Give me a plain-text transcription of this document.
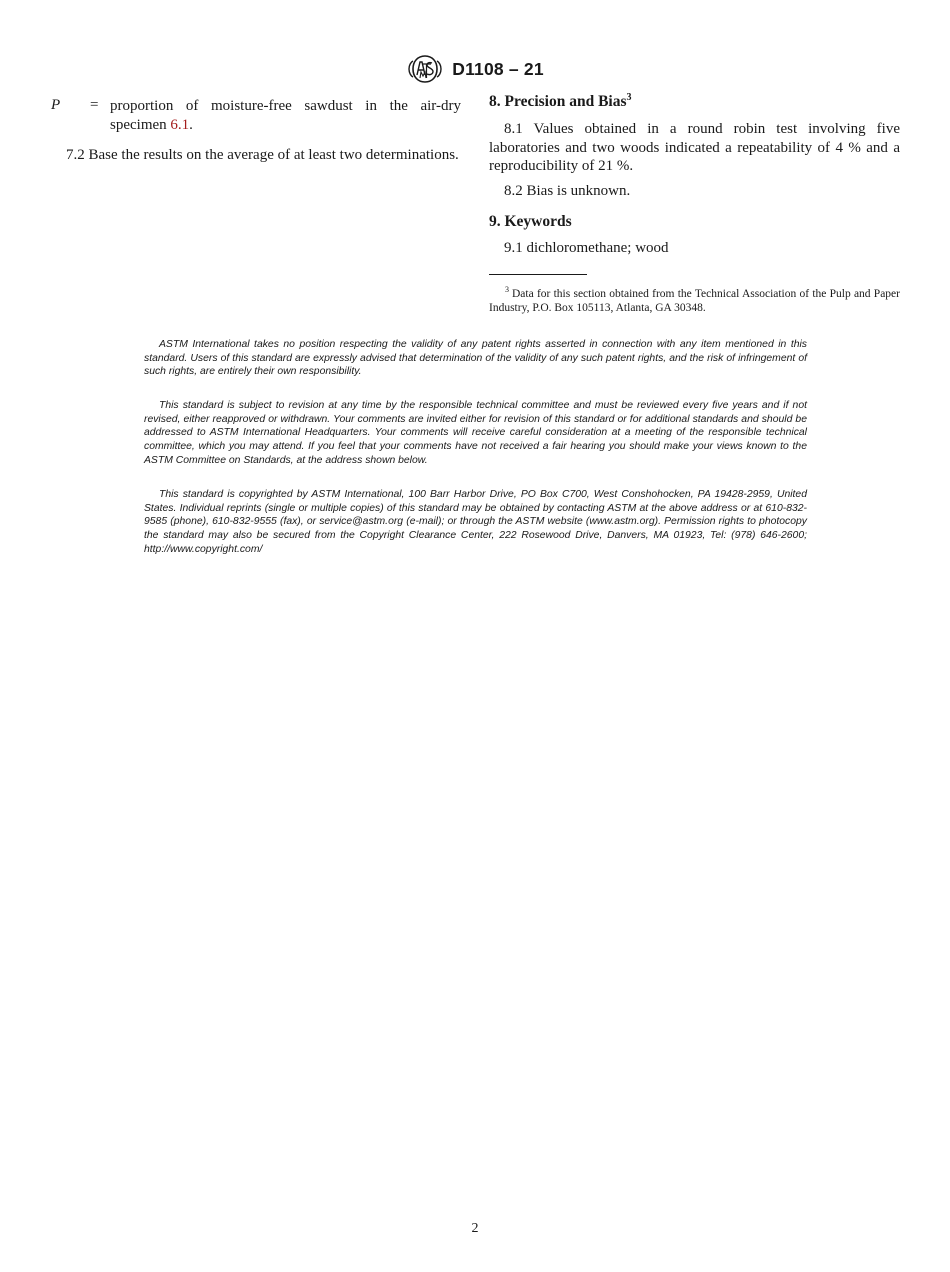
D1108 – 21
P = proportion of moisture-free sawdust in the air-dry specimen 6.1.
7.2 Base the results on the average of at least two determinations.
8. Precision and Bias$^3$
8.1 Values obtained in a round robin test involving five laboratories and two woods indicated a repeatability of 4 % and a reproducibility of 21 %.
8.2 Bias is unknown.
9. Keywords
9.1 dichloromethane; wood
$^3$ Data for this section obtained from the Technical Association of the Pulp and Paper Industry, P.O. Box 105113, Atlanta, GA 30348.
ASTM International takes no position respecting the validity of any patent rights asserted in connection with any item mentioned in this standard. Users of this standard are expressly advised that determination of the validity of any such patent rights, and the risk of infringement of such rights, are entirely their own responsibility.
This standard is subject to revision at any time by the responsible technical committee and must be reviewed every five years and if not revised, either reapproved or withdrawn. Your comments are invited either for revision of this standard or for additional standards and should be addressed to ASTM International Headquarters. Your comments will receive careful consideration at a meeting of the responsible technical committee, which you may attend. If you feel that your comments have not received a fair hearing you should make your views known to the ASTM Committee on Standards, at the address shown below.
This standard is copyrighted by ASTM International, 100 Barr Harbor Drive, PO Box C700, West Conshohocken, PA 19428-2959, United States. Individual reprints (single or multiple copies) of this standard may be obtained by contacting ASTM at the above address or at 610-832-9585 (phone), 610-832-9555 (fax), or service@astm.org (e-mail); or through the ASTM website (www.astm.org). Permission rights to photocopy the standard may also be secured from the Copyright Clearance Center, 222 Rosewood Drive, Danvers, MA 01923, Tel: (978) 646-2600; http://www.copyright.com/
2
